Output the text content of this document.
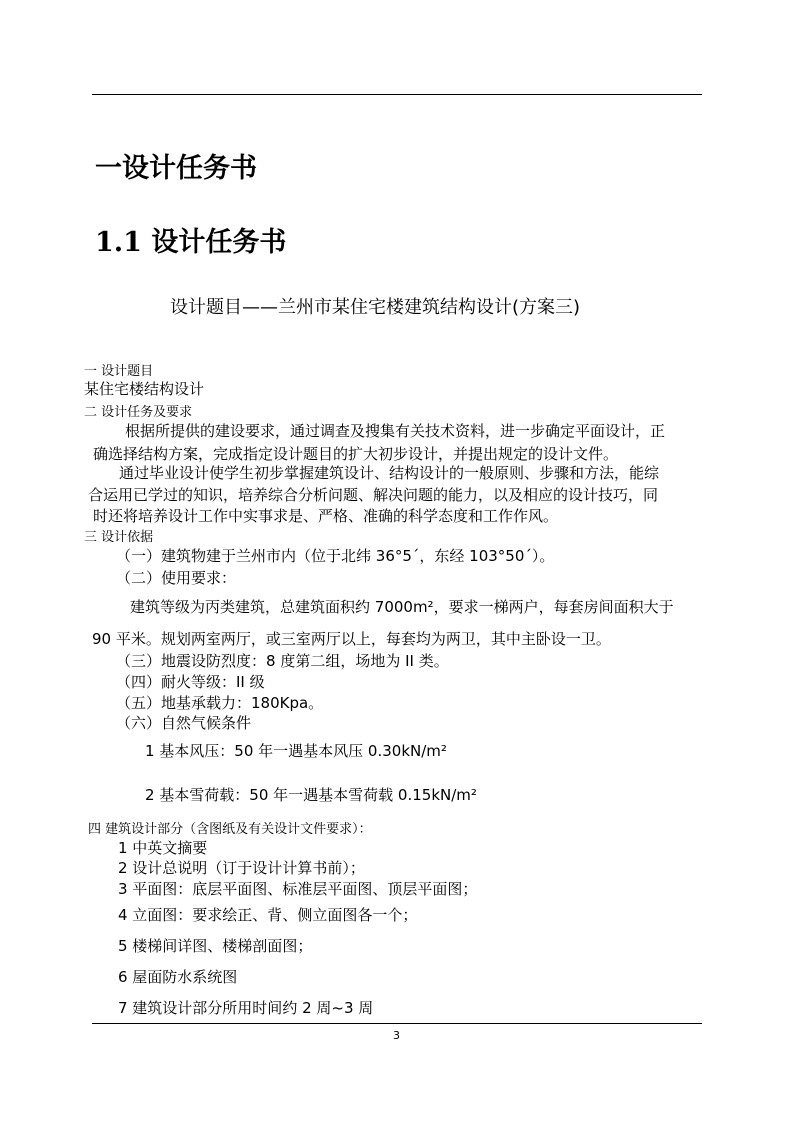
一设计任务书
1.1 设计任务书
设计题目——兰州市某住宅楼建筑结构设计(方案三)
一 设计题目
某住宅楼结构设计
二 设计任务及要求
根据所提供的建设要求，通过调查及搜集有关技术资料，进一步确定平面设计，正
确选择结构方案，完成指定设计题目的扩大初步设计，并提出规定的设计文件。
通过毕业设计使学生初步掌握建筑设计、结构设计的一般原则、步骤和方法，能综
合运用已学过的知识，培养综合分析问题、解决问题的能力，以及相应的设计技巧，同
时还将培养设计工作中实事求是、严格、准确的科学态度和工作作风。
三 设计依据
（一）建筑物建于兰州市内（位于北纬 36°5΄，东经 103°50΄）。
（二）使用要求：
建筑等级为丙类建筑，总建筑面积约 7000m²，要求一梯两户，每套房间面积大于
90 平米。规划两室两厅，或三室两厅以上，每套均为两卫，其中主卧设一卫。
（三）地震设防烈度：8 度第二组，场地为 II 类。
（四）耐火等级：II 级
（五）地基承载力：180Kpa。
（六）自然气候条件
1 基本风压：50 年一遇基本风压 0.30kN/m²
2 基本雪荷载：50 年一遇基本雪荷载 0.15kN/m²
四 建筑设计部分（含图纸及有关设计文件要求）：
1 中英文摘要
2 设计总说明（订于设计计算书前）；
3 平面图：底层平面图、标准层平面图、顶层平面图；
4 立面图：要求绘正、背、侧立面图各一个；
5 楼梯间详图、楼梯剖面图；
6 屋面防水系统图
7 建筑设计部分所用时间约 2 周~3 周
3
